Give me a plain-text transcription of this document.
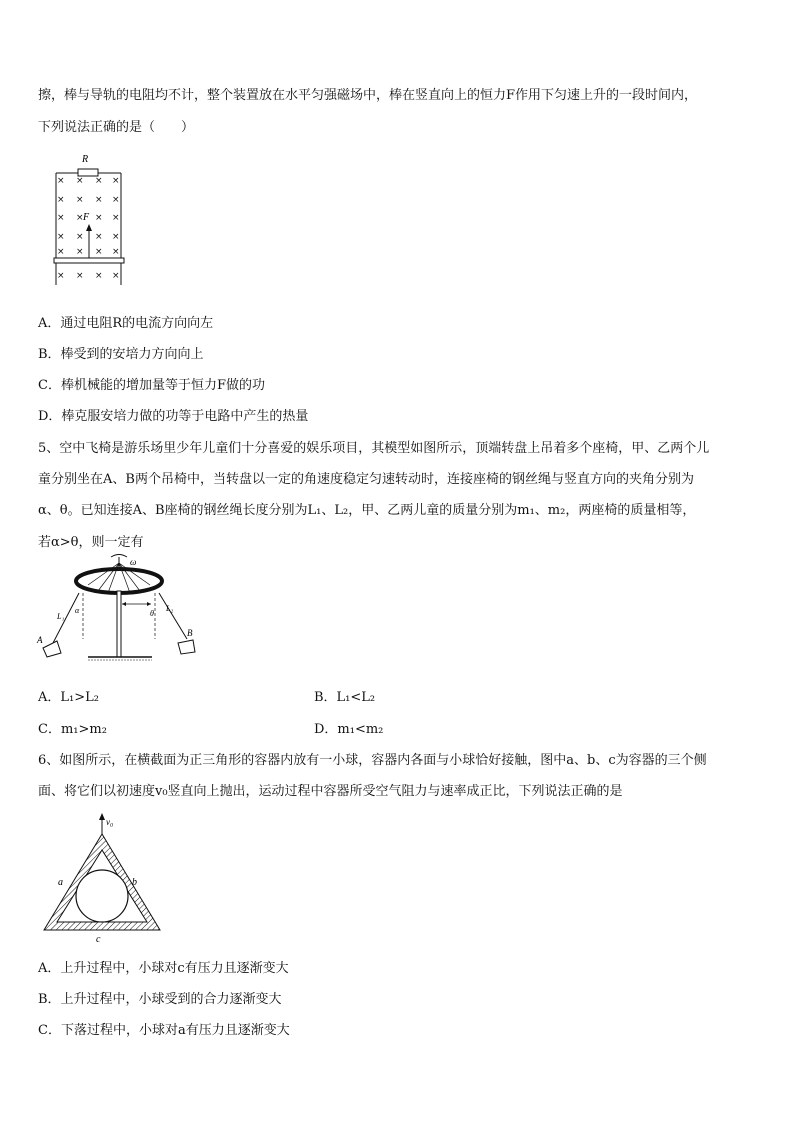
擦，棒与导轨的电阻均不计，整个装置放在水平匀强磁场中，棒在竖直向上的恒力F作用下匀速上升的一段时间内，
下列说法正确的是（　　）
R
F
× × × ×
× × × ×
× × × ×
× × × ×
× × × ×
× × × ×
A．通过电阻R的电流方向向左
B．棒受到的安培力方向向上
C．棒机械能的增加量等于恒力F做的功
D．棒克服安培力做的功等于电路中产生的热量
5、空中飞椅是游乐场里少年儿童们十分喜爱的娱乐项目，其模型如图所示，顶端转盘上吊着多个座椅，甲、乙两个儿
童分别坐在A、B两个吊椅中，当转盘以一定的角速度稳定匀速转动时，连接座椅的钢丝绳与竖直方向的夹角分别为
α、θ。已知连接A、B座椅的钢丝绳长度分别为L₁、L₂，甲、乙两儿童的质量分别为m₁、m₂，两座椅的质量相等，
若α>θ，则一定有
ω
L₁
L₂
α	θ
A
B
A．L₁>L₂	B．L₁<L₂
C．m₁>m₂	D．m₁<m₂
6、如图所示，在横截面为正三角形的容器内放有一小球，容器内各面与小球恰好接触，图中a、b、c为容器的三个侧
面、将它们以初速度v₀竖直向上抛出，运动过程中容器所受空气阻力与速率成正比，下列说法正确的是
v₀
a	b
c
A．上升过程中，小球对c有压力且逐渐变大
B．上升过程中，小球受到的合力逐渐变大
C．下落过程中，小球对a有压力且逐渐变大
